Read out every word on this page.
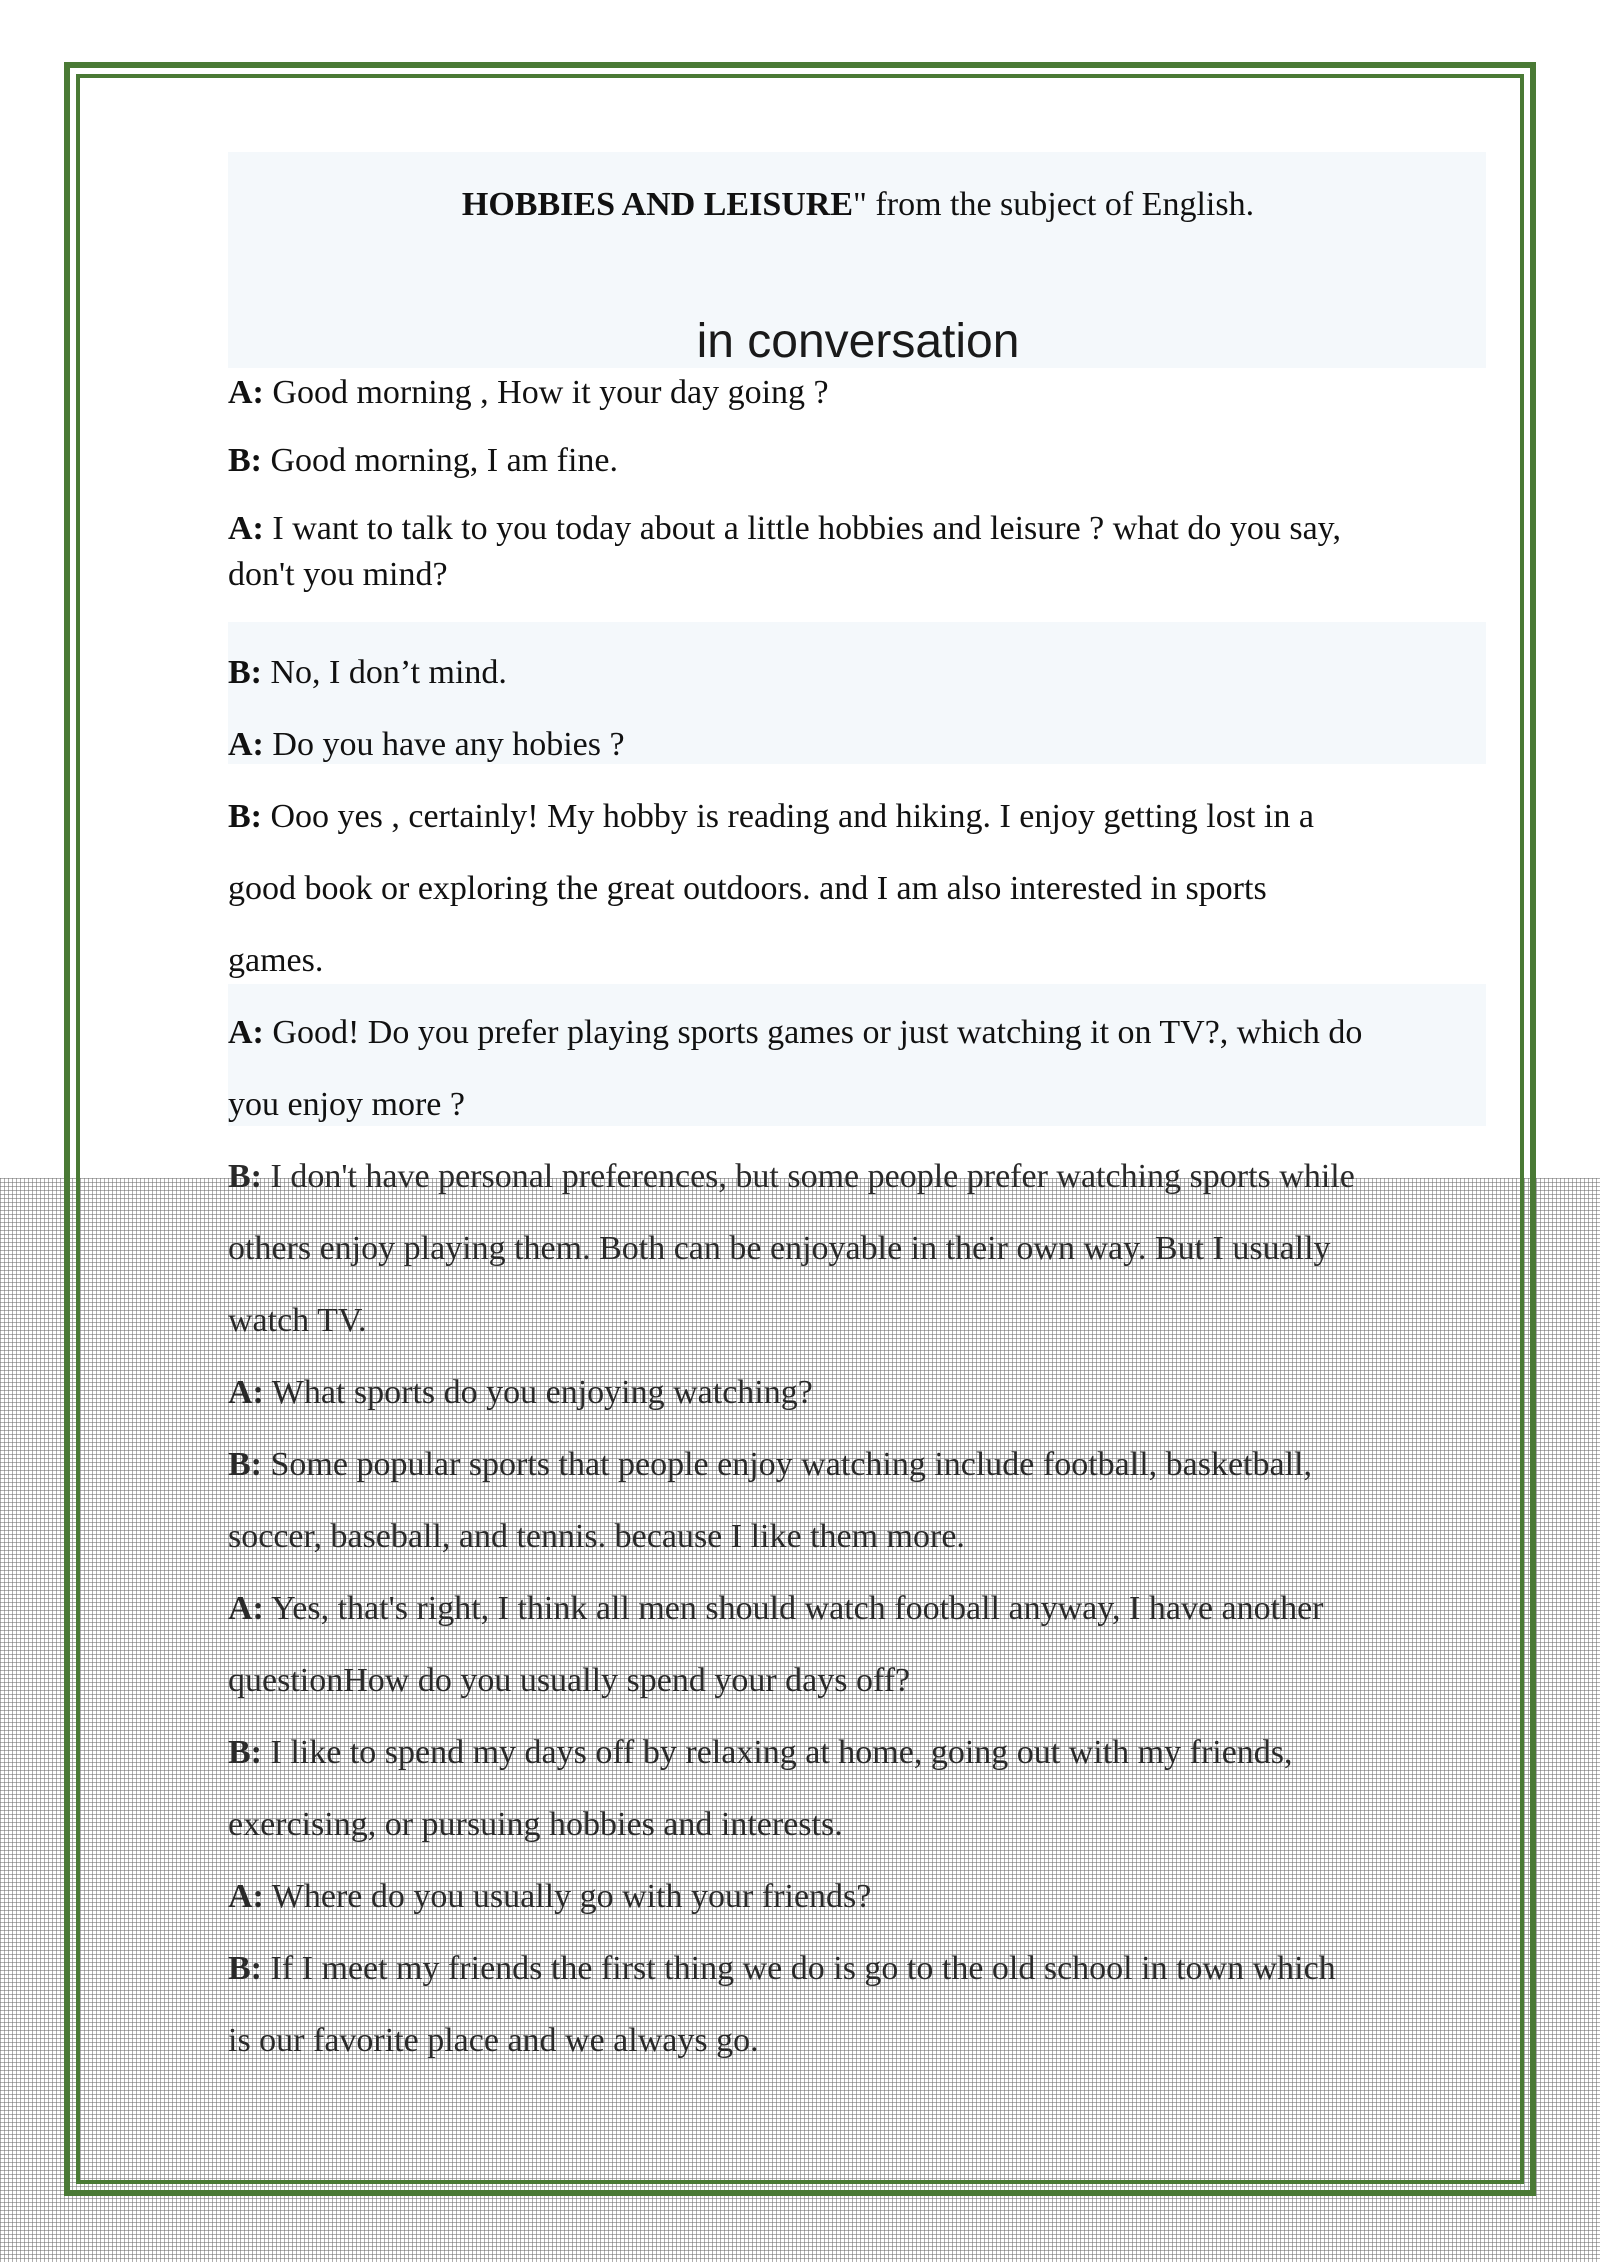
HOBBIES AND LEISURE" from the subject of English.
in conversation
A: Good morning , How it your day going ?
B: Good morning, I am fine.
A: I want to talk to you today about a little hobbies and leisure ? what do you say,
don't you mind?
B: No, I don’t mind.
A: Do you have any hobies ?
B: Ooo yes , certainly! My hobby is reading and hiking. I enjoy getting lost in a
good book or exploring the great outdoors. and I am also interested in sports
games.
A: Good! Do you prefer playing sports games or just watching it on TV?, which do
you enjoy more ?
B: I don't have personal preferences, but some people prefer watching sports while
others enjoy playing them. Both can be enjoyable in their own way. But I usually
watch TV.
A: What sports do you enjoying watching?
B: Some popular sports that people enjoy watching include football, basketball,
soccer, baseball, and tennis. because I like them more.
A: Yes, that's right, I think all men should watch football anyway, I have another
questionHow do you usually spend your days off?
B: I like to spend my days off by relaxing at home, going out with my friends,
exercising, or pursuing hobbies and interests.
A: Where do you usually go with your friends?
B: If I meet my friends the first thing we do is go to the old school in town which
is our favorite place and we always go.
